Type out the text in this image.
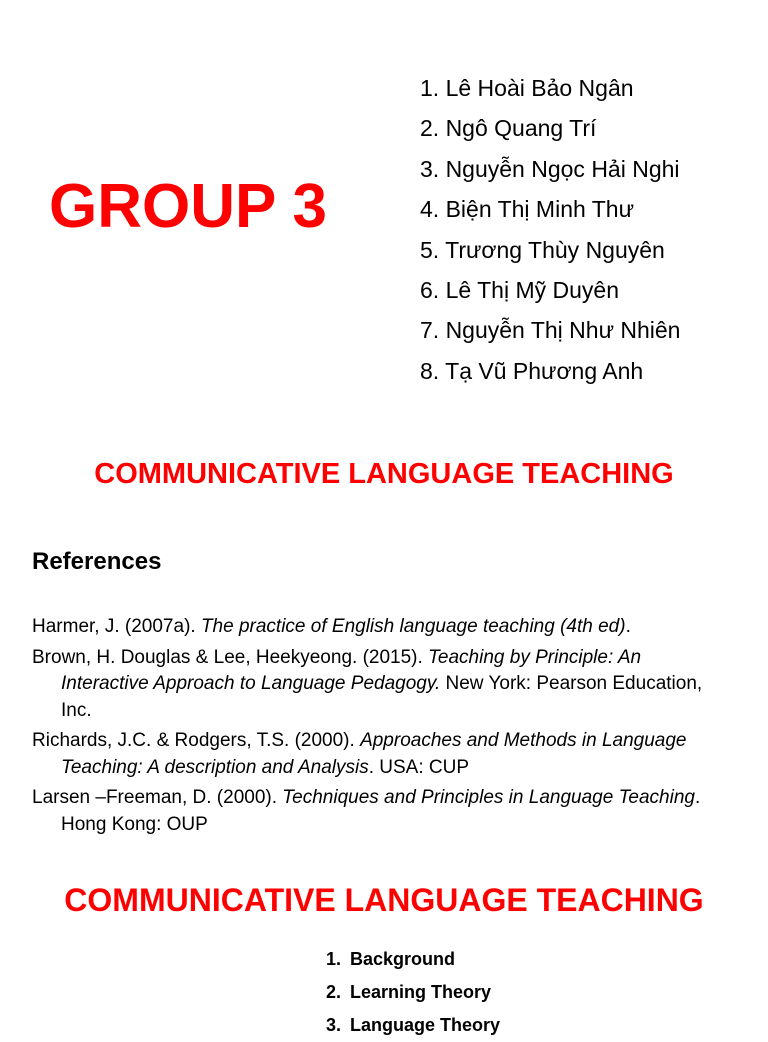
GROUP 3
1. Lê Hoài Bảo Ngân
2. Ngô Quang Trí
3. Nguyễn Ngọc Hải Nghi
4. Biện Thị Minh Thư
5. Trương Thùy Nguyên
6. Lê Thị Mỹ Duyên
7. Nguyễn Thị Như Nhiên
8. Tạ Vũ Phương Anh
COMMUNICATIVE LANGUAGE TEACHING
References
Harmer, J. (2007a). The practice of English language teaching (4th ed).
Brown, H. Douglas & Lee, Heekyeong. (2015). Teaching by Principle: An Interactive Approach to Language Pedagogy. New York: Pearson Education, Inc.
Richards, J.C. & Rodgers, T.S. (2000). Approaches and Methods in Language Teaching: A description and Analysis. USA: CUP
Larsen –Freeman, D. (2000). Techniques and Principles in Language Teaching. Hong Kong: OUP
COMMUNICATIVE LANGUAGE TEACHING
1. Background
2. Learning Theory
3. Language Theory
